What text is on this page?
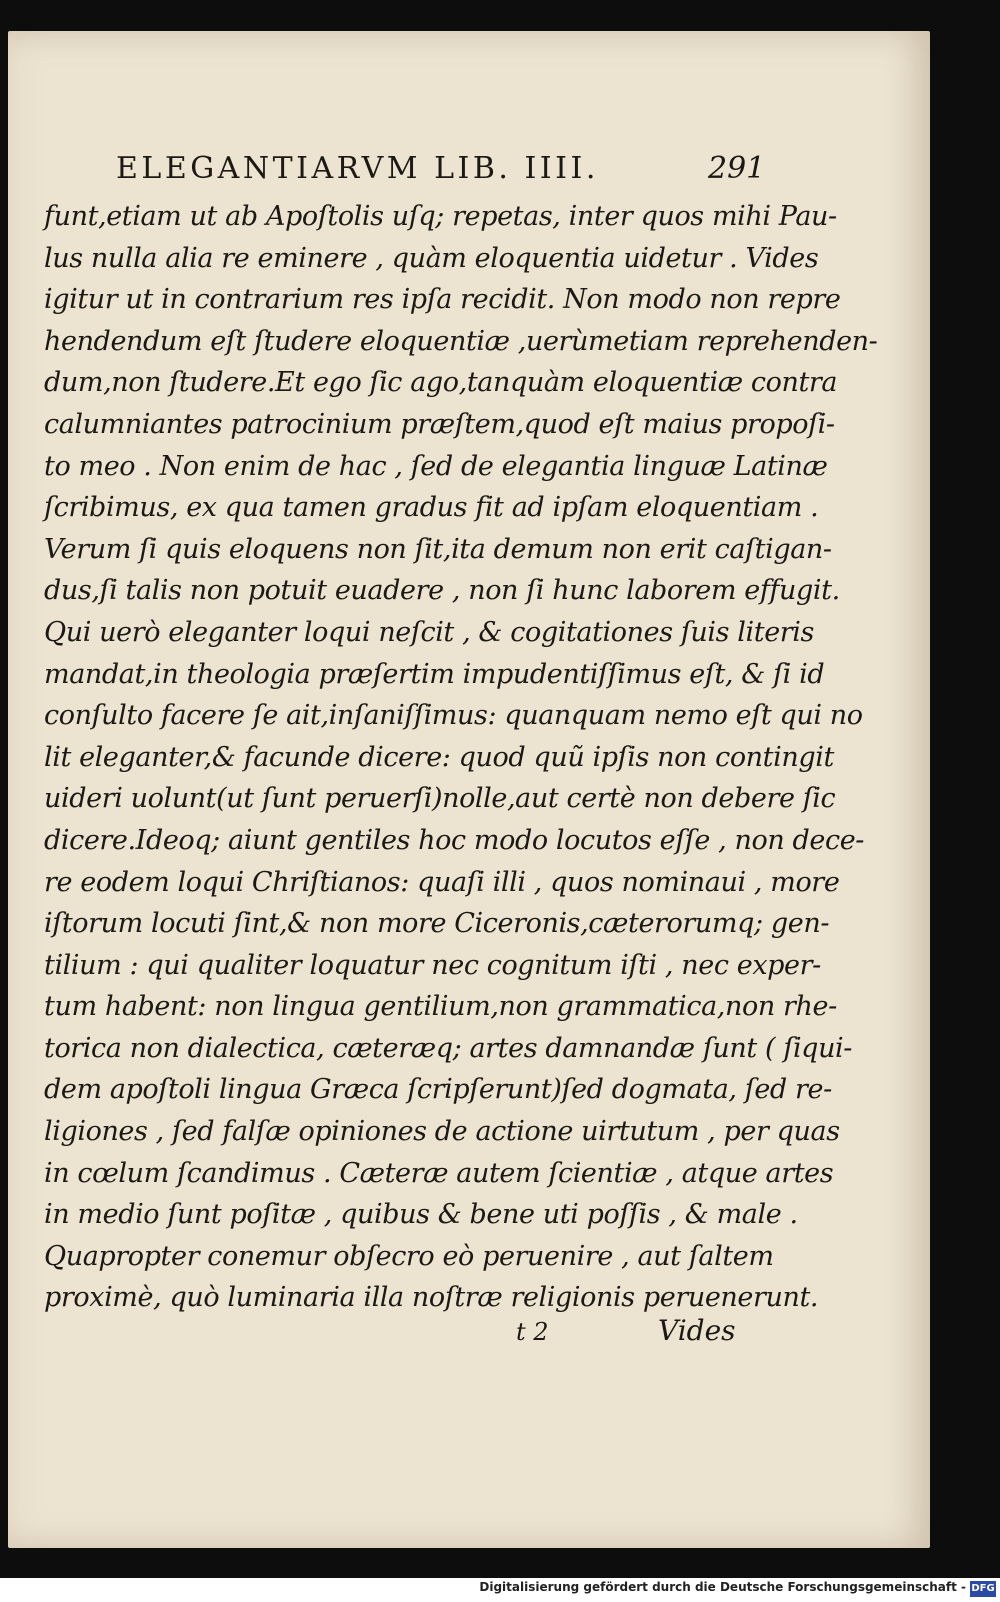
ELEGANTIARVM LIB. IIII.	291
funt,etiam ut ab Apoſtolis uſq; repetas, inter quos mihi Pau-
lus nulla alia re eminere , quàm eloquentia uidetur . Vides
igitur ut in contrarium res ipſa recidit. Non modo non repre
hendendum eſt ſtudere eloquentiæ ,uerùmetiam reprehenden-
dum,non ſtudere.Et ego ſic ago,tanquàm eloquentiæ contra
calumniantes patrocinium præſtem,quod eſt maius propoſi-
to meo . Non enim de hac , ſed de elegantia linguæ Latinæ
ſcribimus, ex qua tamen gradus fit ad ipſam eloquentiam .
Verum ſi quis eloquens non ſit,ita demum non erit caſtigan-
dus,ſi talis non potuit euadere , non ſi hunc laborem effugit.
Qui uerò eleganter loqui neſcit , & cogitationes ſuis literis
mandat,in theologia præſertim impudentiſſimus eſt, & ſi id
conſulto facere ſe ait,inſaniſſimus: quanquam nemo eſt qui no
lit eleganter,& facunde dicere: quod quũ ipſis non contingit
uideri uolunt(ut ſunt peruerſi)nolle,aut certè non debere ſic
dicere.Ideoq; aiunt gentiles hoc modo locutos eſſe , non dece-
re eodem loqui Chriſtianos: quaſi illi , quos nominaui , more
iſtorum locuti ſint,& non more Ciceronis,cæterorumq; gen-
tilium : qui qualiter loquatur nec cognitum iſti , nec exper-
tum habent: non lingua gentilium,non grammatica,non rhe-
torica non dialectica, cæteræq; artes damnandæ ſunt ( ſiqui-
dem apoſtoli lingua Græca ſcripſerunt)ſed dogmata, ſed re-
ligiones , ſed falſæ opiniones de actione uirtutum , per quas
in cœlum ſcandimus . Cæteræ autem ſcientiæ , atque artes
in medio ſunt poſitæ , quibus & bene uti poſſis , & male .
Quapropter conemur obſecro eò peruenire , aut ſaltem
proximè, quò luminaria illa noſtræ religionis peruenerunt.
t 2	Vides
Digitalisierung gefördert durch die Deutsche Forschungsgemeinschaft - DFG
